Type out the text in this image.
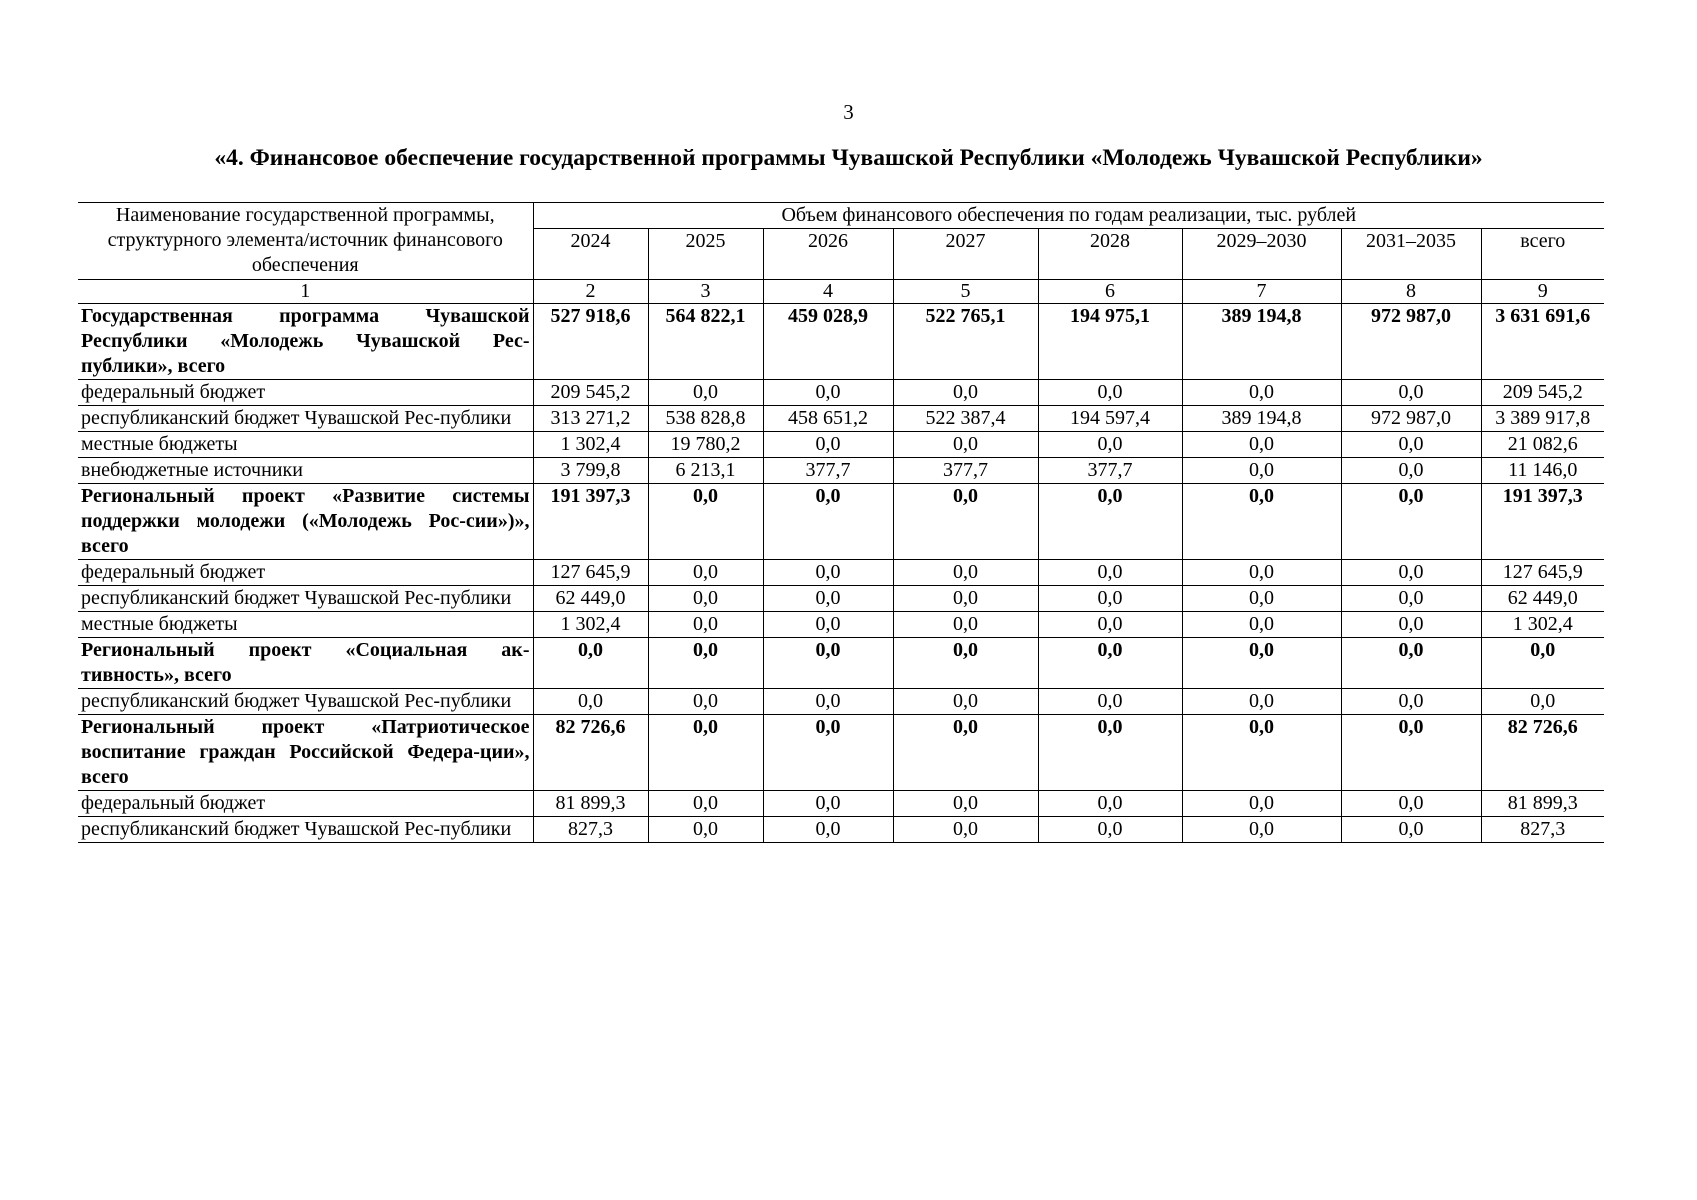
3
«4. Финансовое обеспечение государственной программы Чувашской Республики «Молодежь Чувашской Республики»
Наименование государственной программы, структурного элемента/источник финансового обеспечения	Объем финансового обеспечения по годам реализации, тыс. рублей							
	2024	2025	2026	2027	2028	2029–2030	2031–2035	всего
1	2	3	4	5	6	7	8	9
Государственная программа Чувашской Республики «Молодежь Чувашской Рес-публики», всего	527 918,6	564 822,1	459 028,9	522 765,1	194 975,1	389 194,8	972 987,0	3 631 691,6
федеральный бюджет	209 545,2	0,0	0,0	0,0	0,0	0,0	0,0	209 545,2
республиканский бюджет Чувашской Рес-публики	313 271,2	538 828,8	458 651,2	522 387,4	194 597,4	389 194,8	972 987,0	3 389 917,8
местные бюджеты	1 302,4	19 780,2	0,0	0,0	0,0	0,0	0,0	21 082,6
внебюджетные источники	3 799,8	6 213,1	377,7	377,7	377,7	0,0	0,0	11 146,0
Региональный проект «Развитие системы поддержки молодежи («Молодежь Рос-сии»)», всего	191 397,3	0,0	0,0	0,0	0,0	0,0	0,0	191 397,3
федеральный бюджет	127 645,9	0,0	0,0	0,0	0,0	0,0	0,0	127 645,9
республиканский бюджет Чувашской Рес-публики	62 449,0	0,0	0,0	0,0	0,0	0,0	0,0	62 449,0
местные бюджеты	1 302,4	0,0	0,0	0,0	0,0	0,0	0,0	1 302,4
Региональный проект «Социальная ак-тивность», всего	0,0	0,0	0,0	0,0	0,0	0,0	0,0	0,0
республиканский бюджет Чувашской Рес-публики	0,0	0,0	0,0	0,0	0,0	0,0	0,0	0,0
Региональный проект «Патриотическое воспитание граждан Российской Федера-ции», всего	82 726,6	0,0	0,0	0,0	0,0	0,0	0,0	82 726,6
федеральный бюджет	81 899,3	0,0	0,0	0,0	0,0	0,0	0,0	81 899,3
республиканский бюджет Чувашской Рес-публики	827,3	0,0	0,0	0,0	0,0	0,0	0,0	827,3
